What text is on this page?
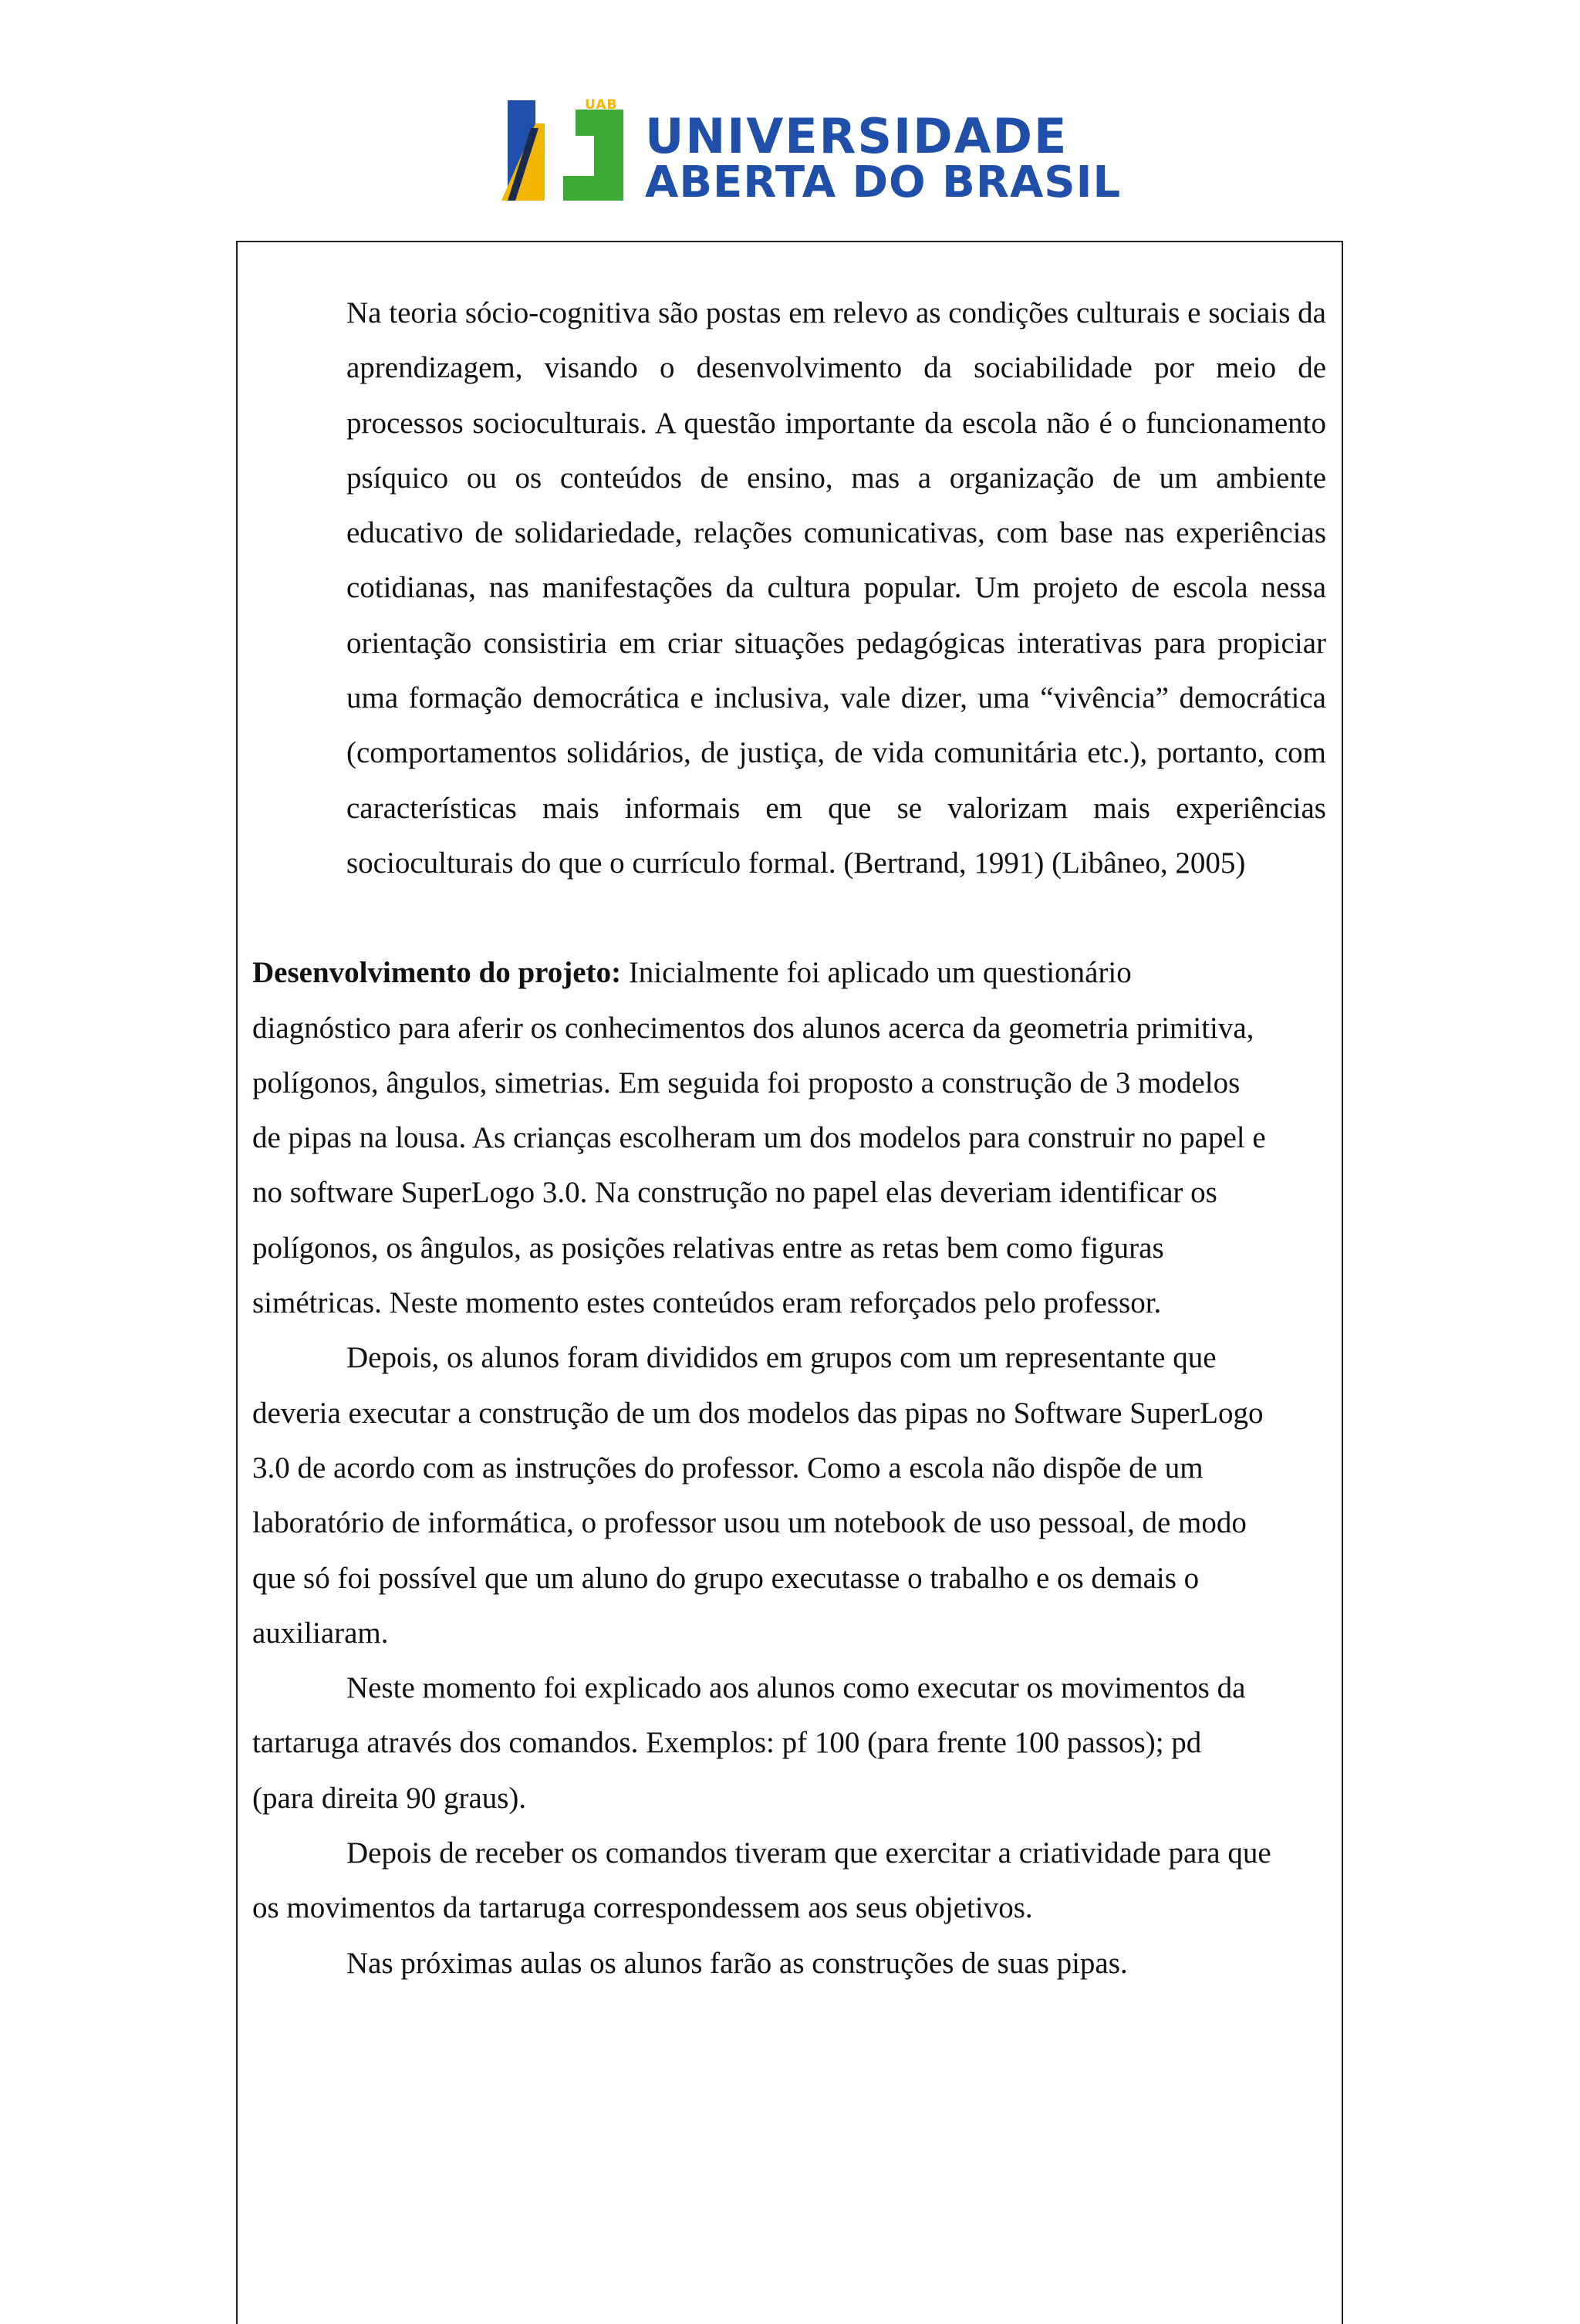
UAB
UNIVERSIDADE
ABERTA DO BRASIL

Na teoria sócio-cognitiva são postas em relevo as condições culturais e sociais da aprendizagem, visando o desenvolvimento da sociabilidade por meio de processos socioculturais. A questão importante da escola não é o funcionamento psíquico ou os conteúdos de ensino, mas a organização de um ambiente educativo de solidariedade, relações comunicativas, com base nas experiências cotidianas, nas manifestações da cultura popular. Um projeto de escola nessa orientação consistiria em criar situações pedagógicas interativas para propiciar uma formação democrática e inclusiva, vale dizer, uma “vivência” democrática (comportamentos solidários, de justiça, de vida comunitária etc.), portanto, com características mais informais em que se valorizam mais experiências socioculturais do que o currículo formal. (Bertrand, 1991) (Libâneo, 2005)

Desenvolvimento do projeto: Inicialmente foi aplicado um questionário
diagnóstico para aferir os conhecimentos dos alunos acerca da geometria primitiva,
polígonos, ângulos, simetrias. Em seguida foi proposto a construção de 3 modelos
de pipas na lousa. As crianças escolheram um dos modelos para construir no papel e
no software SuperLogo 3.0. Na construção no papel elas deveriam identificar os
polígonos, os ângulos, as posições relativas entre as retas bem como figuras
simétricas. Neste momento estes conteúdos eram reforçados pelo professor.
Depois, os alunos foram divididos em grupos com um representante que
deveria executar a construção de um dos modelos das pipas no Software SuperLogo
3.0 de acordo com as instruções do professor. Como a escola não dispõe de um
laboratório de informática, o professor usou um notebook de uso pessoal, de modo
que só foi possível que um aluno do grupo executasse o trabalho e os demais o
auxiliaram.
Neste momento foi explicado aos alunos como executar os movimentos da
tartaruga através dos comandos. Exemplos: pf 100 (para frente 100 passos); pd
(para direita 90 graus).
Depois de receber os comandos tiveram que exercitar a criatividade para que
os movimentos da tartaruga correspondessem aos seus objetivos.
Nas próximas aulas os alunos farão as construções de suas pipas.
